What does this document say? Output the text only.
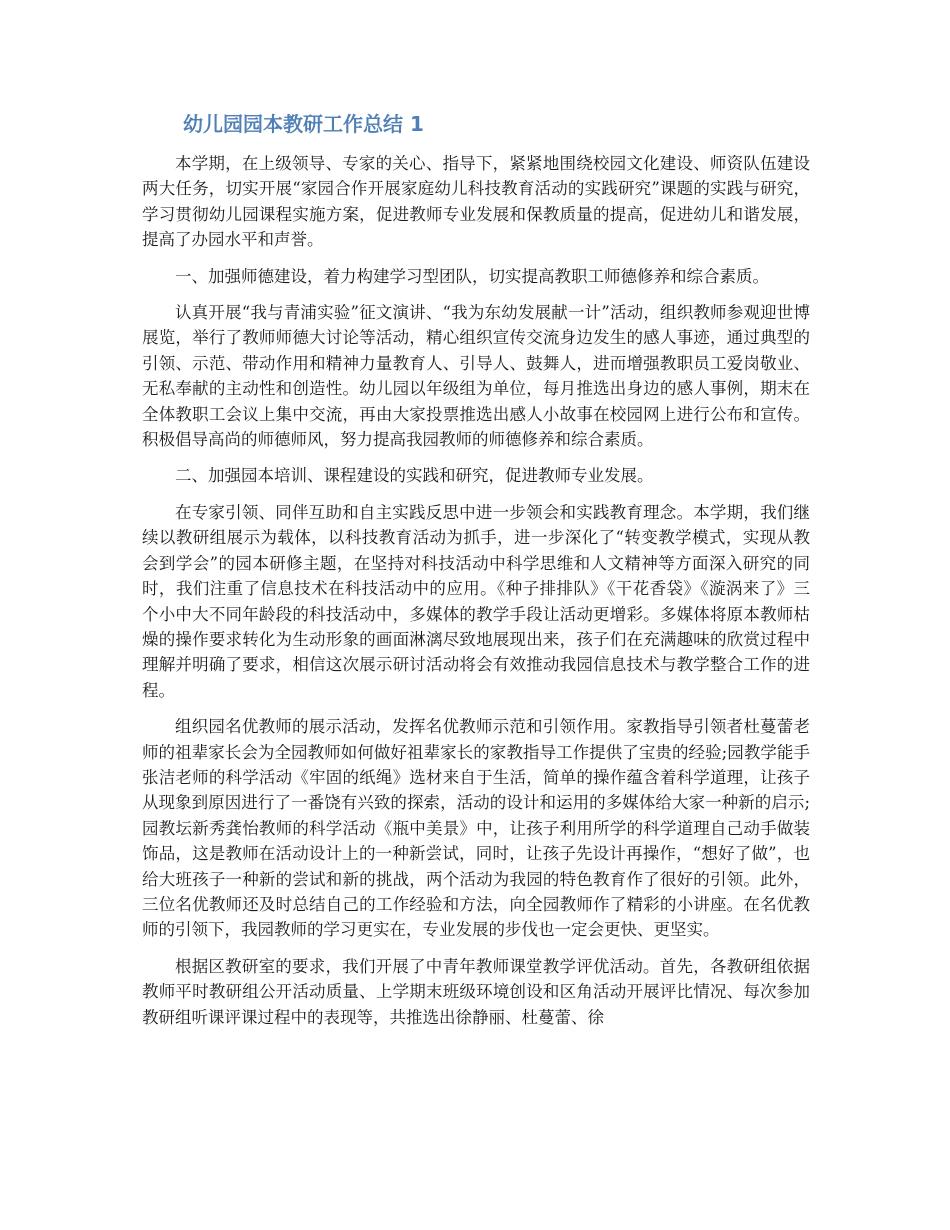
幼儿园园本教研工作总结 1

本学期，在上级领导、专家的关心、指导下，紧紧地围绕校园文化建设、师资队伍建设两大任务，切实开展“家园合作开展家庭幼儿科技教育活动的实践研究”课题的实践与研究，学习贯彻幼儿园课程实施方案，促进教师专业发展和保教质量的提高，促进幼儿和谐发展，提高了办园水平和声誉。

一、加强师德建设，着力构建学习型团队，切实提高教职工师德修养和综合素质。

认真开展“我与青浦实验”征文演讲、“我为东幼发展献一计”活动，组织教师参观迎世博展览，举行了教师师德大讨论等活动，精心组织宣传交流身边发生的感人事迹，通过典型的引领、示范、带动作用和精神力量教育人、引导人、鼓舞人，进而增强教职员工爱岗敬业、无私奉献的主动性和创造性。幼儿园以年级组为单位，每月推选出身边的感人事例，期末在全体教职工会议上集中交流，再由大家投票推选出感人小故事在校园网上进行公布和宣传。积极倡导高尚的师德师风，努力提高我园教师的师德修养和综合素质。

二、加强园本培训、课程建设的实践和研究，促进教师专业发展。

在专家引领、同伴互助和自主实践反思中进一步领会和实践教育理念。本学期，我们继续以教研组展示为载体，以科技教育活动为抓手，进一步深化了“转变教学模式，实现从教会到学会”的园本研修主题，在坚持对科技活动中科学思维和人文精神等方面深入研究的同时，我们注重了信息技术在科技活动中的应用。《种子排排队》《干花香袋》《漩涡来了》三个小中大不同年龄段的科技活动中，多媒体的教学手段让活动更增彩。多媒体将原本教师枯燥的操作要求转化为生动形象的画面淋漓尽致地展现出来，孩子们在充满趣味的欣赏过程中理解并明确了要求，相信这次展示研讨活动将会有效推动我园信息技术与教学整合工作的进程。

组织园名优教师的展示活动，发挥名优教师示范和引领作用。家教指导引领者杜蔓蕾老师的祖辈家长会为全园教师如何做好祖辈家长的家教指导工作提供了宝贵的经验;园教学能手张洁老师的科学活动《牢固的纸绳》选材来自于生活，简单的操作蕴含着科学道理，让孩子从现象到原因进行了一番饶有兴致的探索，活动的设计和运用的多媒体给大家一种新的启示;园教坛新秀龚怡教师的科学活动《瓶中美景》中，让孩子利用所学的科学道理自己动手做装饰品，这是教师在活动设计上的一种新尝试，同时，让孩子先设计再操作，“想好了做”，也给大班孩子一种新的尝试和新的挑战，两个活动为我园的特色教育作了很好的引领。此外，三位名优教师还及时总结自己的工作经验和方法，向全园教师作了精彩的小讲座。在名优教师的引领下，我园教师的学习更实在，专业发展的步伐也一定会更快、更坚实。

根据区教研室的要求，我们开展了中青年教师课堂教学评优活动。首先，各教研组依据教师平时教研组公开活动质量、上学期末班级环境创设和区角活动开展评比情况、每次参加教研组听课评课过程中的表现等，共推选出徐静丽、杜蔓蕾、徐
